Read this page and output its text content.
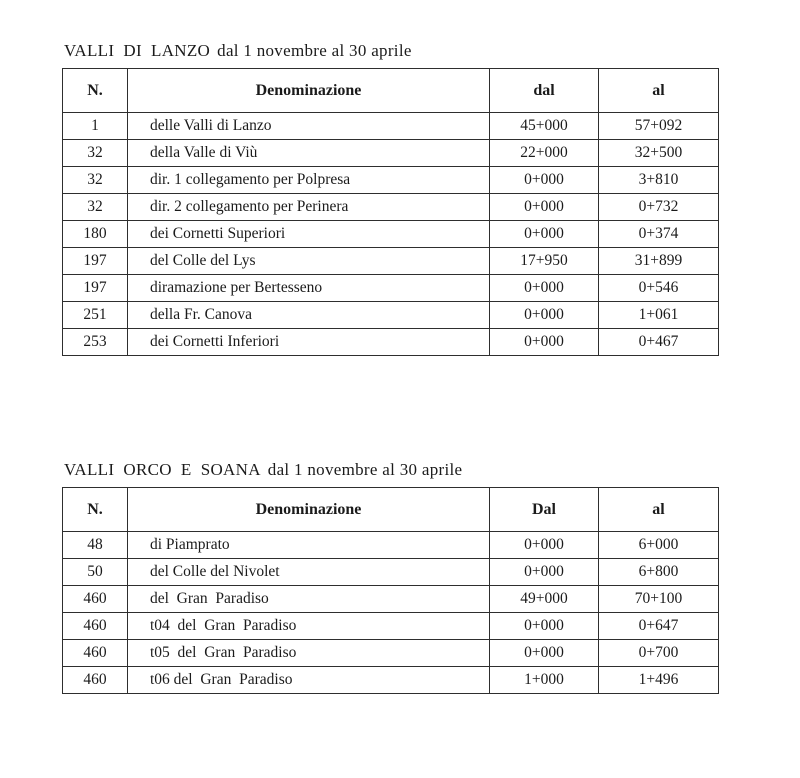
VALLI  DI  LANZO dal 1 novembre al 30 aprile
N.	Denominazione	dal	al
1	delle Valli di Lanzo	45+000	57+092
32	della Valle di Viù	22+000	32+500
32	dir. 1 collegamento per Polpresa	0+000	3+810
32	dir. 2 collegamento per Perinera	0+000	0+732
180	dei Cornetti Superiori	0+000	0+374
197	del Colle del Lys	17+950	31+899
197	diramazione per Bertesseno	0+000	0+546
251	della Fr. Canova	0+000	1+061
253	dei Cornetti Inferiori	0+000	0+467
VALLI  ORCO  E  SOANA dal 1 novembre al 30 aprile
N.	Denominazione	Dal	al
48	di Piamprato	0+000	6+000
50	del Colle del Nivolet	0+000	6+800
460	del  Gran  Paradiso	49+000	70+100
460	t04  del  Gran  Paradiso	0+000	0+647
460	t05  del  Gran  Paradiso	0+000	0+700
460	t06 del  Gran  Paradiso	1+000	1+496
